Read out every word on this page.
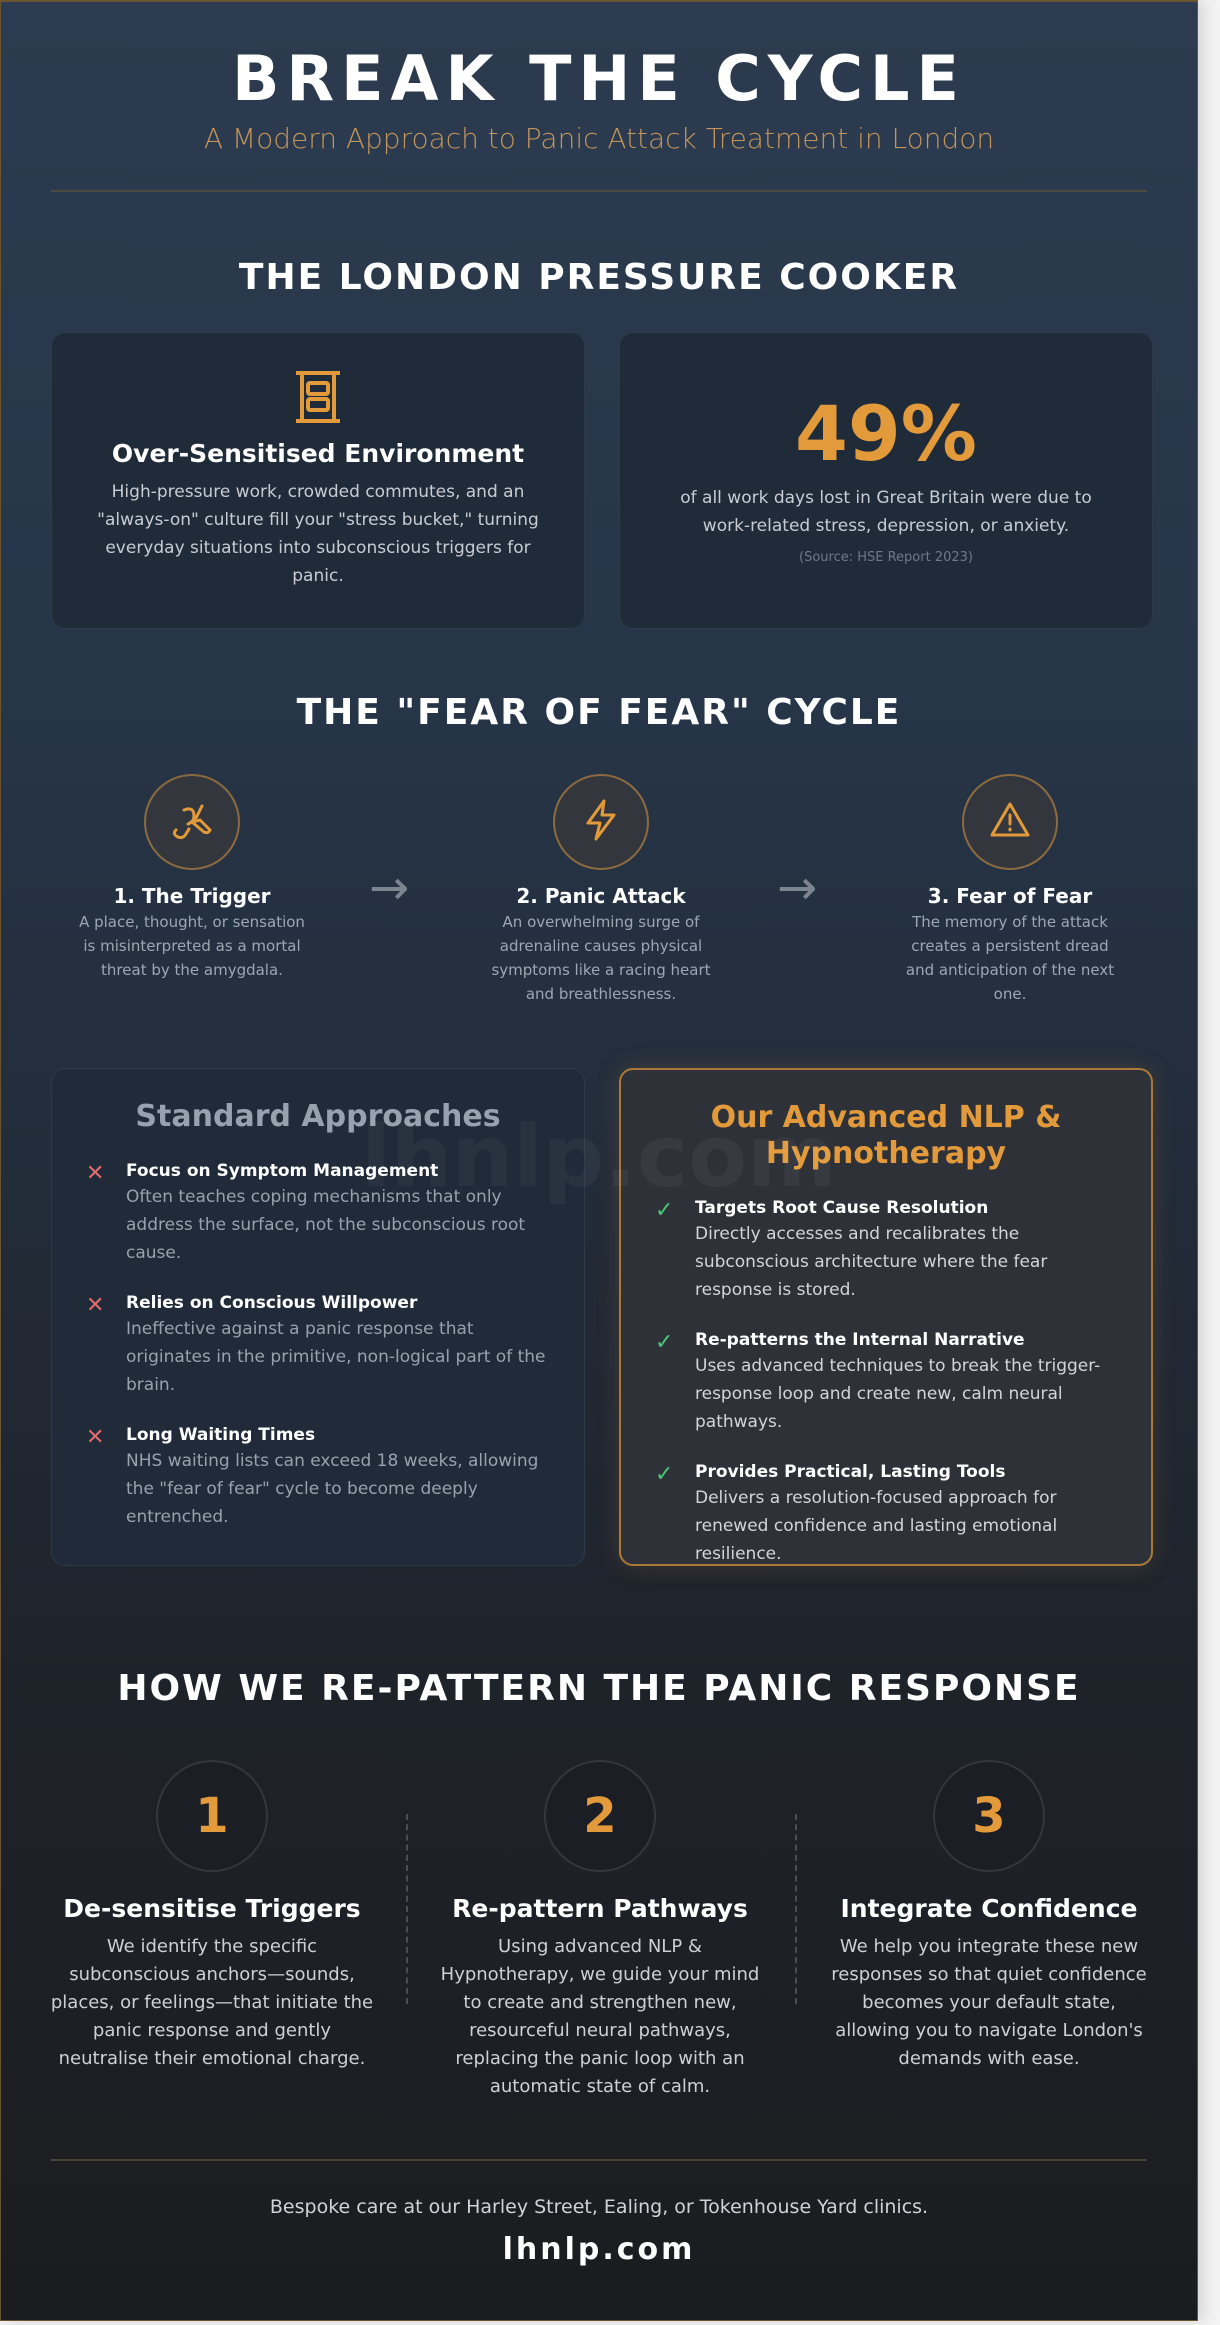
BREAK THE CYCLE
A Modern Approach to Panic Attack Treatment in London
THE LONDON PRESSURE COOKER
Over-Sensitised Environment

High-pressure work, crowded commutes, and an "always-on" culture fill your "stress bucket," turning everyday situations into subconscious triggers for panic.

49%

of all work days lost in Great Britain were due to work-related stress, depression, or anxiety.

(Source: HSE Report 2023)
THE "FEAR OF FEAR" CYCLE
1. The Trigger

A place, thought, or sensation is misinterpreted as a mortal threat by the amygdala.

→	2. Panic Attack

An overwhelming surge of adrenaline causes physical symptoms like a racing heart and breathlessness.

→	3. Fear of Fear

The memory of the attack creates a persistent dread and anticipation of the next one.

Standard Approaches
✕	Focus on Symptom Management
Often teaches coping mechanisms that only address the surface, not the subconscious root cause.
✕	Relies on Conscious Willpower
Ineffective against a panic response that originates in the primitive, non-logical part of the brain.
✕	Long Waiting Times
NHS waiting lists can exceed 18 weeks, allowing the "fear of fear" cycle to become deeply entrenched.
Our Advanced NLP & Hypnotherapy
✓	Targets Root Cause Resolution
Directly accesses and recalibrates the subconscious architecture where the fear response is stored.
✓	Re-patterns the Internal Narrative
Uses advanced techniques to break the trigger-response loop and create new, calm neural pathways.
✓	Provides Practical, Lasting Tools
Delivers a resolution-focused approach for renewed confidence and lasting emotional resilience.
HOW WE RE-PATTERN THE PANIC RESPONSE
1
De-sensitise Triggers

We identify the specific subconscious anchors—sounds, places, or feelings—that initiate the panic response and gently neutralise their emotional charge.

2
Re-pattern Pathways

Using advanced NLP & Hypnotherapy, we guide your mind to create and strengthen new, resourceful neural pathways, replacing the panic loop with an automatic state of calm.

3
Integrate Confidence

We help you integrate these new responses so that quiet confidence becomes your default state, allowing you to navigate London's demands with ease.

Bespoke care at our Harley Street, Ealing, or Tokenhouse Yard clinics.
lhnlp.com
